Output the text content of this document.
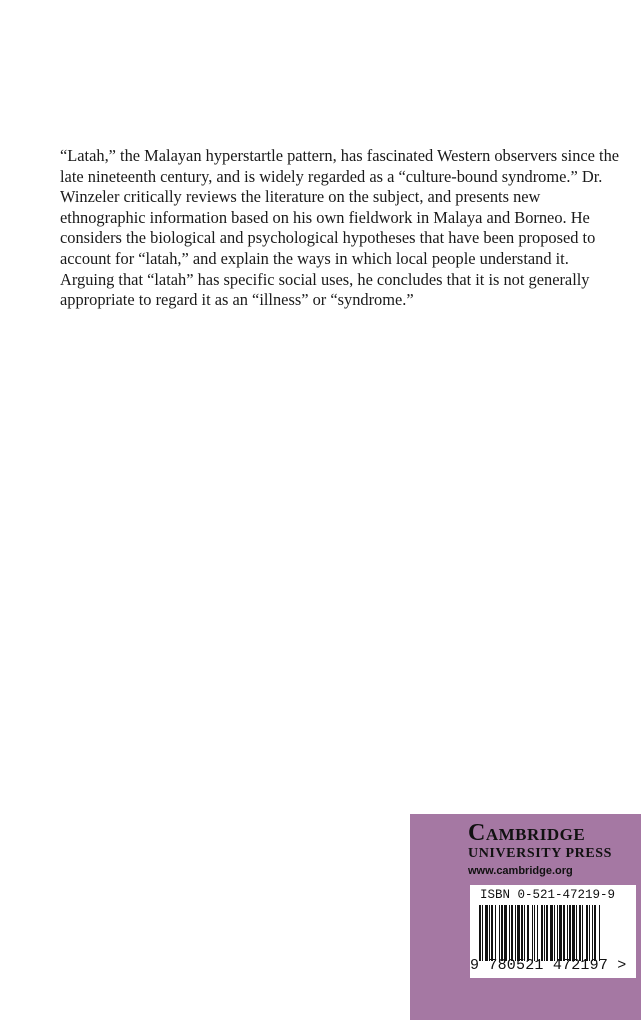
“Latah,” the Malayan hyperstartle pattern, has fascinated Western observers since the late nineteenth century, and is widely regarded as a “culture-bound syndrome.” Dr. Winzeler critically reviews the literature on the subject, and presents new ethnographic information based on his own fieldwork in Malaya and Borneo. He considers the biological and psychological hypotheses that have been proposed to account for “latah,” and explain the ways in which local people understand it. Arguing that “latah” has specific social uses, he concludes that it is not generally appropriate to regard it as an “illness” or “syndrome.”

Cambridge
UNIVERSITY PRESS
www.cambridge.org
ISBN 0-521-47219-9
9 780521 472197 >
